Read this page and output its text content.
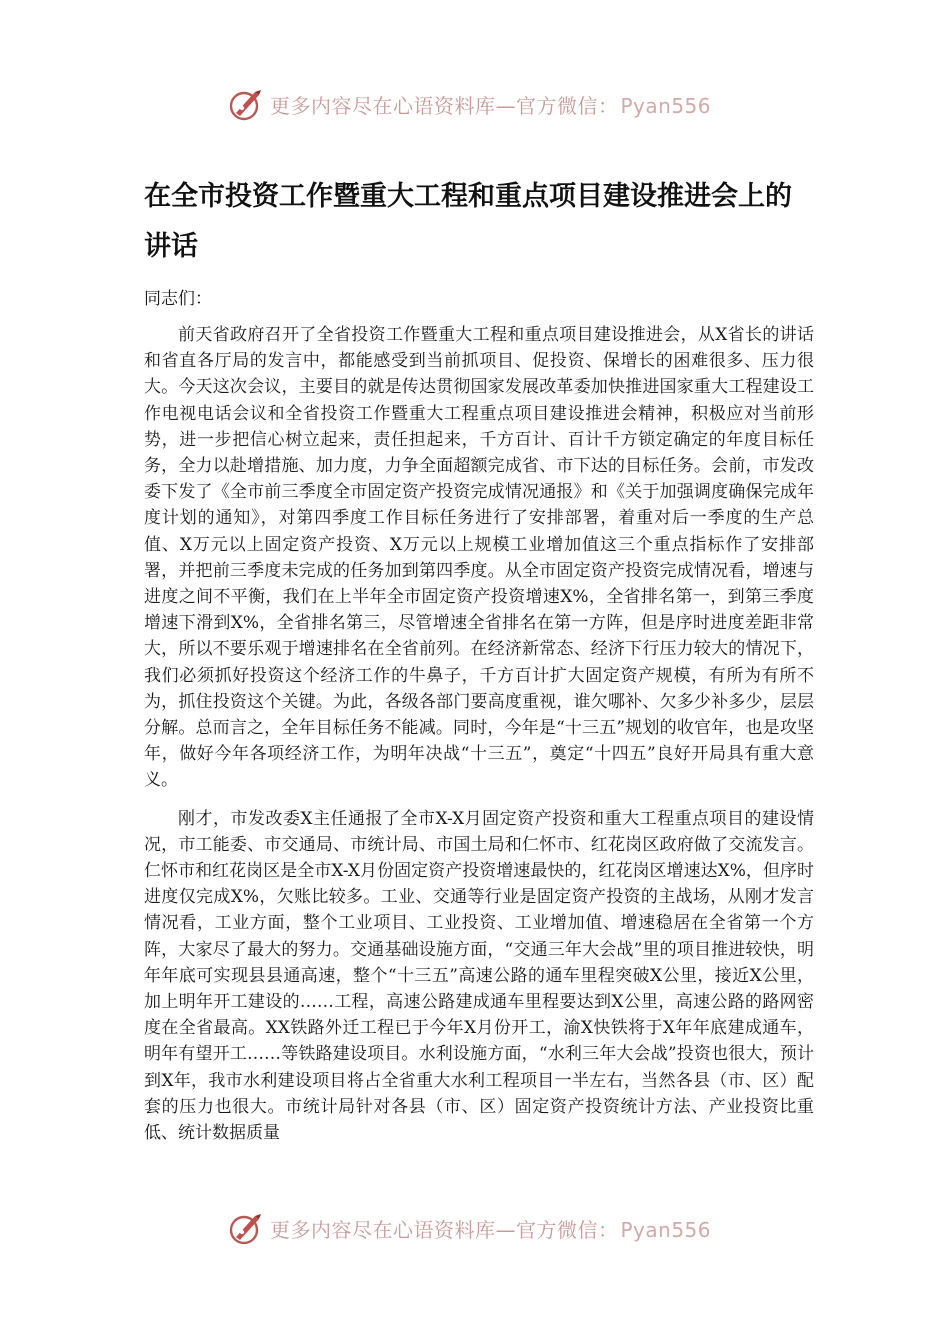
更多内容尽在心语资料库—官方微信： Pyan556
在全市投资工作暨重大工程和重点项目建设推进会上的讲话

同志们：

前天省政府召开了全省投资工作暨重大工程和重点项目建设推进会，从X省长的讲话和省直各厅局的发言中，都能感受到当前抓项目、促投资、保增长的困难很多、压力很大。今天这次会议，主要目的就是传达贯彻国家发展改革委加快推进国家重大工程建设工作电视电话会议和全省投资工作暨重大工程重点项目建设推进会精神，积极应对当前形势，进一步把信心树立起来，责任担起来，千方百计、百计千方锁定确定的年度目标任务，全力以赴增措施、加力度，力争全面超额完成省、市下达的目标任务。会前，市发改委下发了《全市前三季度全市固定资产投资完成情况通报》和《关于加强调度确保完成年度计划的通知》，对第四季度工作目标任务进行了安排部署，着重对后一季度的生产总值、X万元以上固定资产投资、X万元以上规模工业增加值这三个重点指标作了安排部署，并把前三季度未完成的任务加到第四季度。从全市固定资产投资完成情况看，增速与进度之间不平衡，我们在上半年全市固定资产投资增速X%，全省排名第一，到第三季度增速下滑到X%，全省排名第三，尽管增速全省排名在第一方阵，但是序时进度差距非常大，所以不要乐观于增速排名在全省前列。在经济新常态、经济下行压力较大的情况下，我们必须抓好投资这个经济工作的牛鼻子，千方百计扩大固定资产规模，有所为有所不为，抓住投资这个关键。为此，各级各部门要高度重视，谁欠哪补、欠多少补多少，层层分解。总而言之，全年目标任务不能减。同时，今年是“十三五”规划的收官年，也是攻坚年，做好今年各项经济工作，为明年决战“十三五”，奠定“十四五”良好开局具有重大意义。

刚才，市发改委X主任通报了全市X-X月固定资产投资和重大工程重点项目的建设情况，市工能委、市交通局、市统计局、市国土局和仁怀市、红花岗区政府做了交流发言。仁怀市和红花岗区是全市X-X月份固定资产投资增速最快的，红花岗区增速达X%，但序时进度仅完成X%，欠账比较多。工业、交通等行业是固定资产投资的主战场，从刚才发言情况看，工业方面，整个工业项目、工业投资、工业增加值、增速稳居在全省第一个方阵，大家尽了最大的努力。交通基础设施方面，“交通三年大会战”里的项目推进较快，明年年底可实现县县通高速，整个“十三五”高速公路的通车里程突破X公里，接近X公里，加上明年开工建设的……工程，高速公路建成通车里程要达到X公里，高速公路的路网密度在全省最高。XX铁路外迁工程已于今年X月份开工，渝X快铁将于X年年底建成通车，明年有望开工……等铁路建设项目。水利设施方面，“水利三年大会战”投资也很大，预计到X年，我市水利建设项目将占全省重大水利工程项目一半左右，当然各县（市、区）配套的压力也很大。市统计局针对各县（市、区）固定资产投资统计方法、产业投资比重低、统计数据质量

更多内容尽在心语资料库—官方微信： Pyan556
